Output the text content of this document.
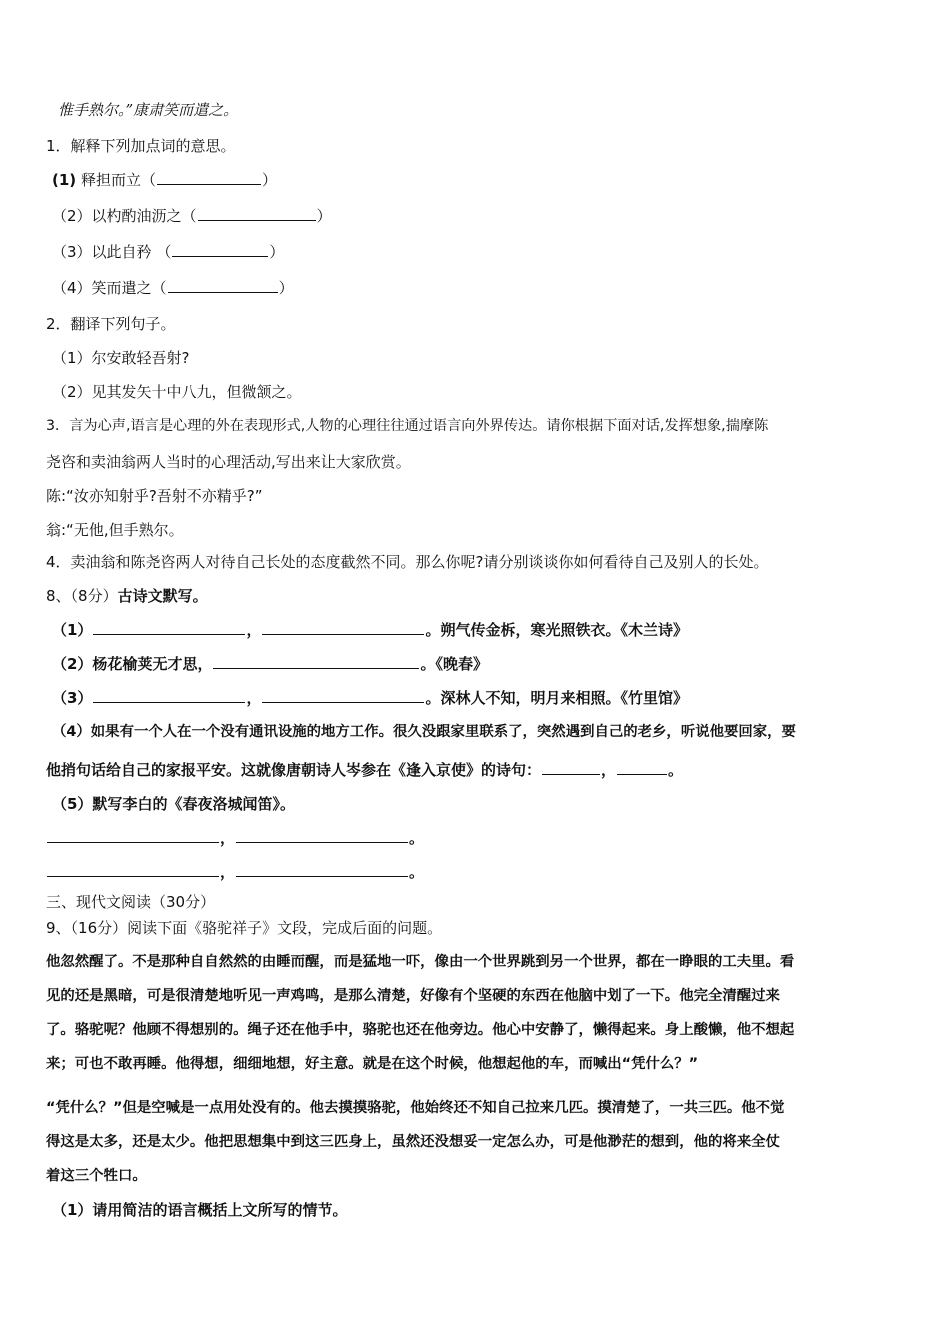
惟手熟尔。”康肃笑而遣之。
1．解释下列加点词的意思。
(1) 释担而立（	）
（2）以杓酌油沥之（	）
（3）以此自矜 （	）
（4）笑而遣之（	）
2．翻译下列句子。
（1）尔安敢轻吾射?
（2）见其发矢十中八九，但微颔之。
3．言为心声,语言是心理的外在表现形式,人物的心理往往通过语言向外界传达。请你根据下面对话,发挥想象,揣摩陈
尧咨和卖油翁两人当时的心理活动,写出来让大家欣赏。
陈:“汝亦知射乎?吾射不亦精乎?”
翁:“无他,但手熟尔。
4．卖油翁和陈尧咨两人对待自己长处的态度截然不同。那么你呢?请分别谈谈你如何看待自己及别人的长处。
8、（8分）古诗文默写。
（1）	，	。朔气传金柝，寒光照铁衣。《木兰诗》
（2）杨花榆荚无才思，	。《晚春》
（3）	，	。深林人不知，明月来相照。《竹里馆》
（4）如果有一个人在一个没有通讯设施的地方工作。很久没跟家里联系了，突然遇到自己的老乡，听说他要回家，要
他捎句话给自己的家报平安。这就像唐朝诗人岑参在《逢入京使》的诗句：	，	。
（5）默写李白的《春夜洛城闻笛》。
，	。
，	。
三、现代文阅读（30分）
9、（16分）阅读下面《骆驼祥子》文段，完成后面的问题。
他忽然醒了。不是那种自自然然的由睡而醒，而是猛地一吓，像由一个世界跳到另一个世界，都在一睁眼的工夫里。看
见的还是黑暗，可是很清楚地听见一声鸡鸣，是那么清楚，好像有个坚硬的东西在他脑中划了一下。他完全清醒过来
了。骆驼呢？他顾不得想别的。绳子还在他手中，骆驼也还在他旁边。他心中安静了，懒得起来。身上酸懒，他不想起
来；可也不敢再睡。他得想，细细地想，好主意。就是在这个时候，他想起他的车，而喊出“凭什么？”
“凭什么？”但是空喊是一点用处没有的。他去摸摸骆驼，他始终还不知自己拉来几匹。摸清楚了，一共三匹。他不觉
得这是太多，还是太少。他把思想集中到这三匹身上，虽然还没想妥一定怎么办，可是他渺茫的想到，他的将来全仗
着这三个牲口。
（1）请用简洁的语言概括上文所写的情节。
